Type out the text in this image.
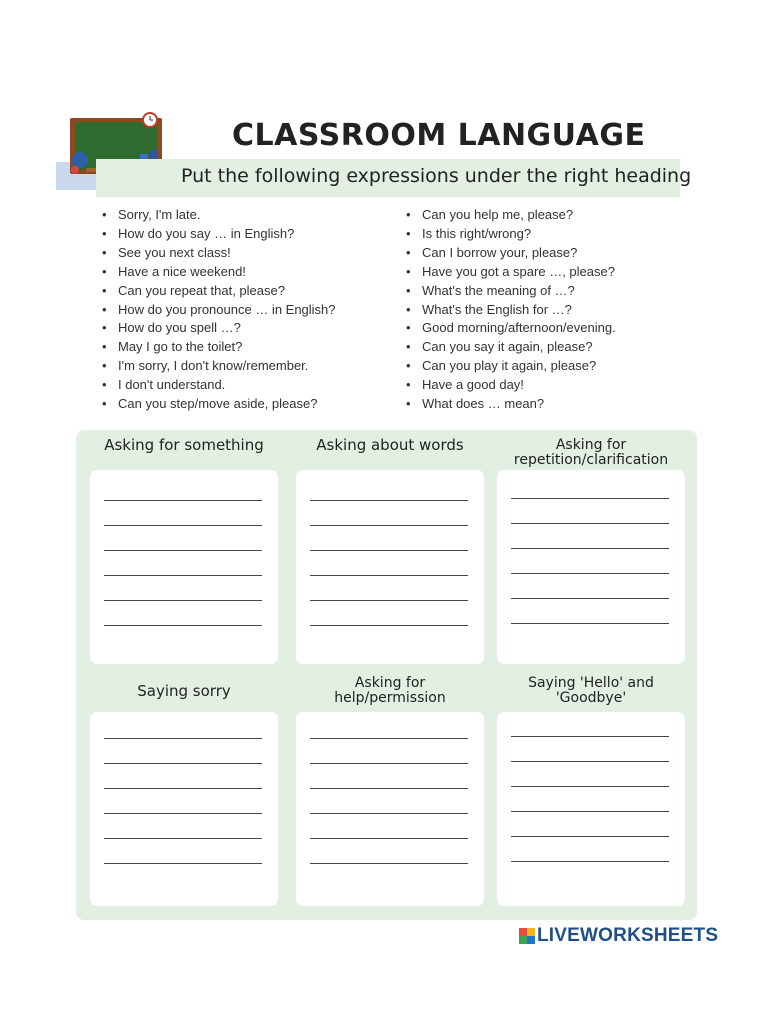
CLASSROOM LANGUAGE
Put the following expressions under the right heading
• Sorry, I'm late.
• How do you say … in English?
• See you next class!
• Have a nice weekend!
• Can you repeat that, please?
• How do you pronounce … in English?
• How do you spell …?
• May I go to the toilet?
• I'm sorry, I don't know/remember.
• I don't understand.
• Can you step/move aside, please?
• Can you help me, please?
• Is this right/wrong?
• Can I borrow your, please?
• Have you got a spare …, please?
• What's the meaning of …?
• What's the English for …?
• Good morning/afternoon/evening.
• Can you say it again, please?
• Can you play it again, please?
• Have a good day!
• What does … mean?
Asking for something	Asking about words	Asking for
repetition/clarification
Saying sorry	Asking for
help/permission
Saying 'Hello' and
'Goodbye'
LIVEWORKSHEETS
